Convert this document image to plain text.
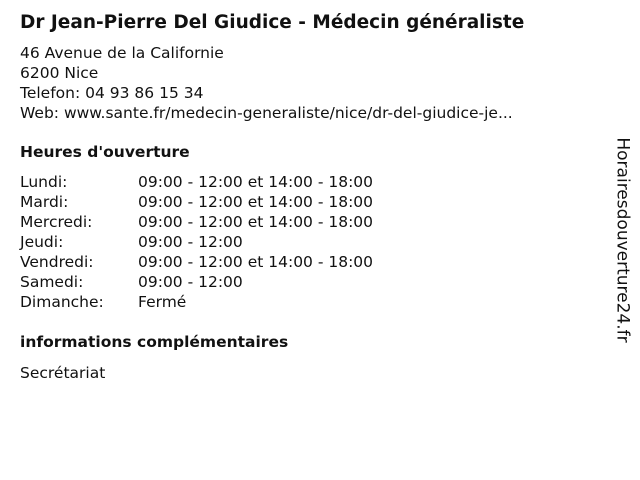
Dr Jean-Pierre Del Giudice - Médecin généraliste
46 Avenue de la Californie
6200 Nice
Telefon: 04 93 86 15 34
Web: www.sante.fr/medecin-generaliste/nice/dr-del-giudice-je...
Heures d'ouverture
Lundi:	09:00 - 12:00 et 14:00 - 18:00
Mardi:	09:00 - 12:00 et 14:00 - 18:00
Mercredi:	09:00 - 12:00 et 14:00 - 18:00
Jeudi:	09:00 - 12:00
Vendredi:	09:00 - 12:00 et 14:00 - 18:00
Samedi:	09:00 - 12:00
Dimanche:	Fermé
informations complémentaires
Secrétariat
Horairesdouverture24.fr
